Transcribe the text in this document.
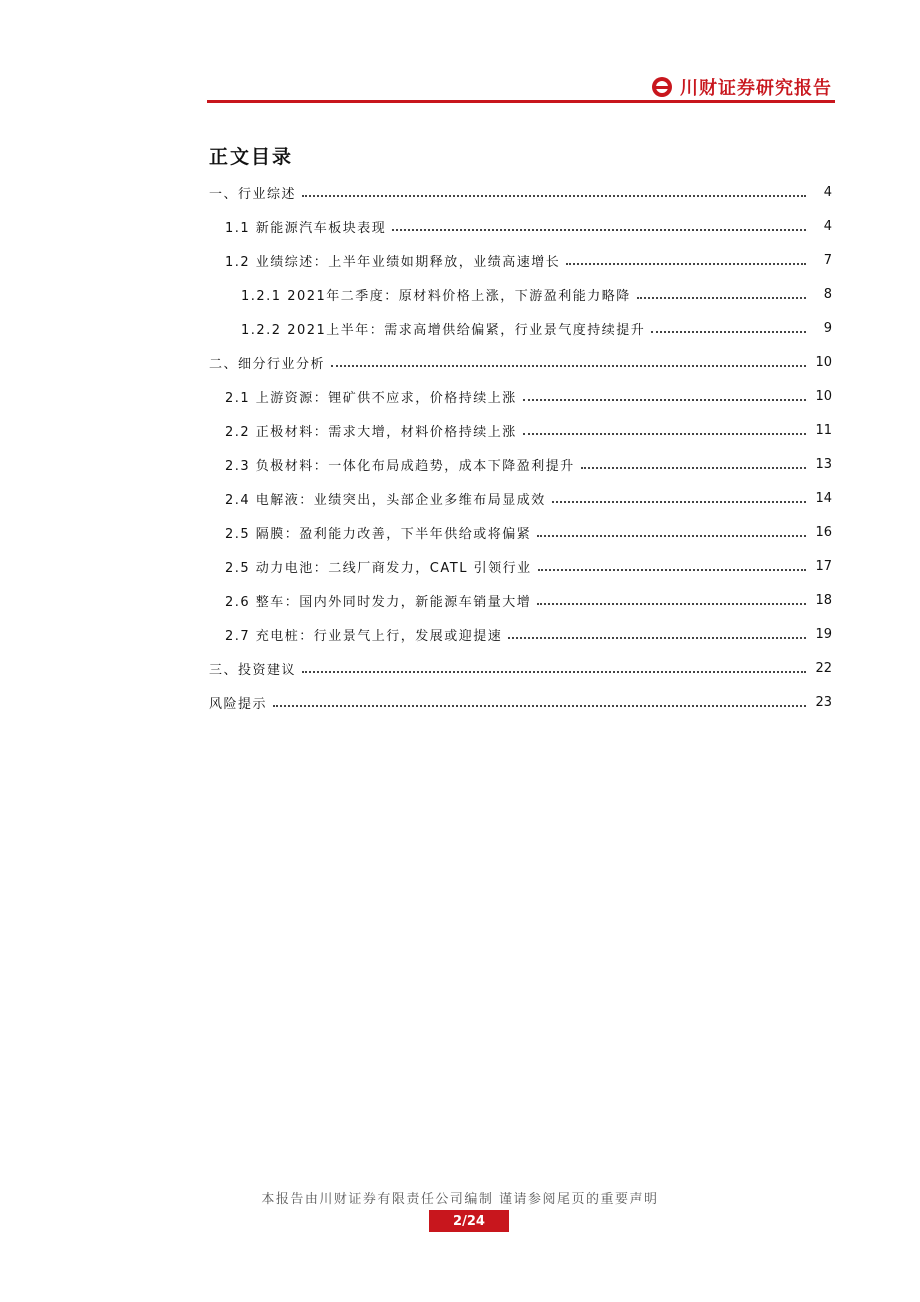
川财证券研究报告
正文目录
一、行业综述	4
1.1 新能源汽车板块表现	4
1.2 业绩综述：上半年业绩如期释放，业绩高速增长	7
1.2.1 2021年二季度：原材料价格上涨，下游盈利能力略降	8
1.2.2 2021上半年：需求高增供给偏紧，行业景气度持续提升	9
二、细分行业分析	10
2.1 上游资源：锂矿供不应求，价格持续上涨	10
2.2 正极材料：需求大增，材料价格持续上涨	11
2.3 负极材料：一体化布局成趋势，成本下降盈利提升	13
2.4 电解液：业绩突出，头部企业多维布局显成效	14
2.5 隔膜：盈利能力改善，下半年供给或将偏紧	16
2.5 动力电池：二线厂商发力，CATL 引领行业	17
2.6 整车：国内外同时发力，新能源车销量大增	18
2.7 充电桩：行业景气上行，发展或迎提速	19
三、投资建议	22
风险提示	23
本报告由川财证券有限责任公司编制 谨请参阅尾页的重要声明
2/24
